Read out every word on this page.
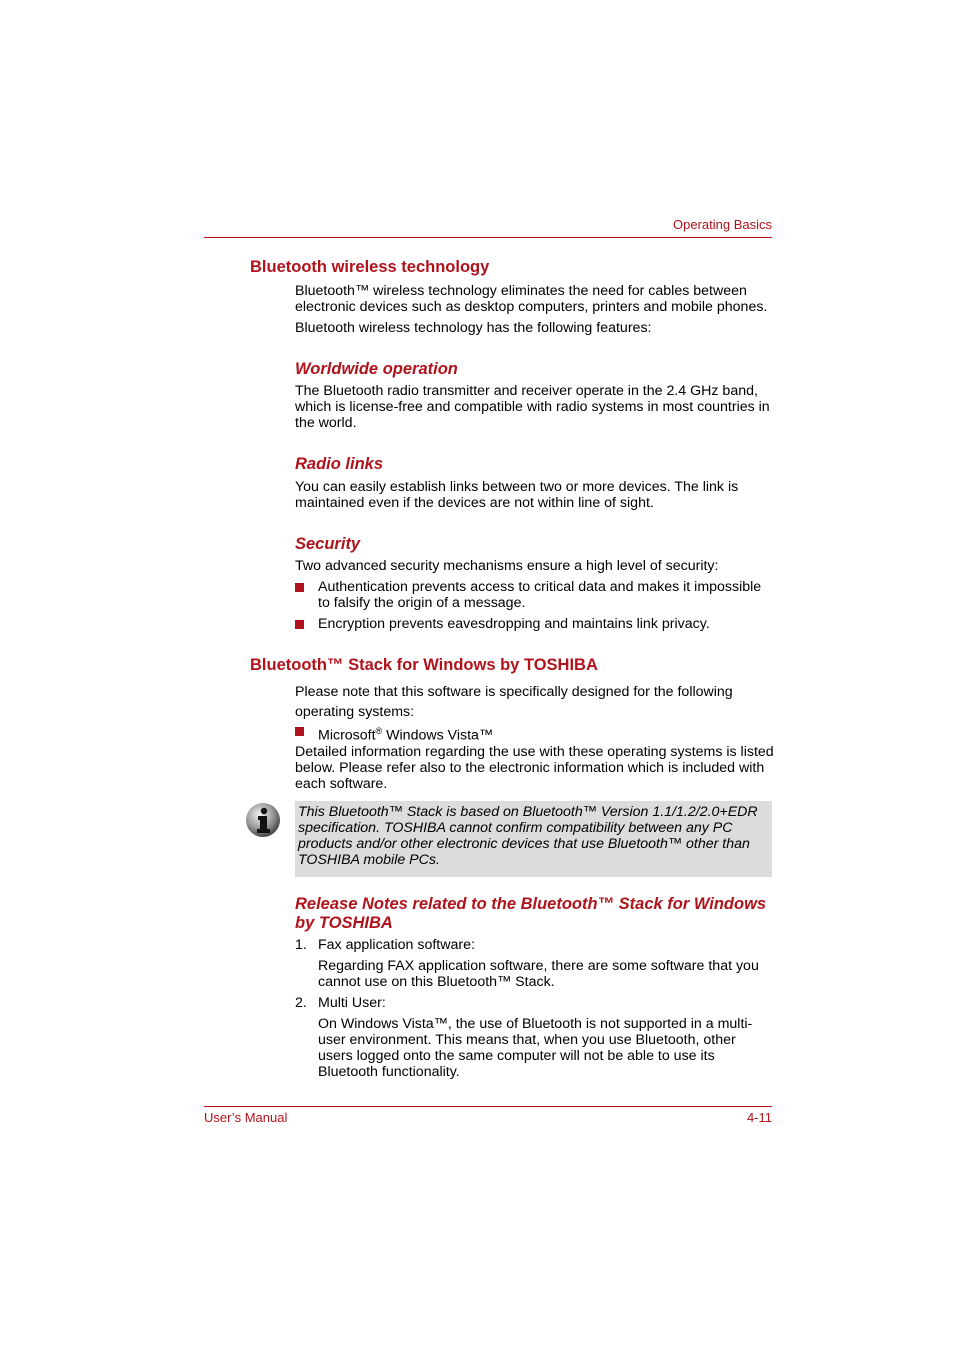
Operating Basics
Bluetooth wireless technology
Bluetooth™ wireless technology eliminates the need for cables between electronic devices such as desktop computers, printers and mobile phones.
Bluetooth wireless technology has the following features:
Worldwide operation
The Bluetooth radio transmitter and receiver operate in the 2.4 GHz band, which is license-free and compatible with radio systems in most countries in the world.
Radio links
You can easily establish links between two or more devices. The link is maintained even if the devices are not within line of sight.
Security
Two advanced security mechanisms ensure a high level of security:
Authentication prevents access to critical data and makes it impossible to falsify the origin of a message.
Encryption prevents eavesdropping and maintains link privacy.
Bluetooth™ Stack for Windows by TOSHIBA
Please note that this software is specifically designed for the following operating systems:
Microsoft® Windows Vista™
Detailed information regarding the use with these operating systems is listed below. Please refer also to the electronic information which is included with each software.
This Bluetooth™ Stack is based on Bluetooth™ Version 1.1/1.2/2.0+EDR specification. TOSHIBA cannot confirm compatibility between any PC products and/or other electronic devices that use Bluetooth™ other than TOSHIBA mobile PCs.
Release Notes related to the Bluetooth™ Stack for Windows
by TOSHIBA
1. Fax application software:
Regarding FAX application software, there are some software that you cannot use on this Bluetooth™ Stack.
2. Multi User:
On Windows Vista™, the use of Bluetooth is not supported in a multi-user environment. This means that, when you use Bluetooth, other users logged onto the same computer will not be able to use its Bluetooth functionality.
User’s Manual	4-11
